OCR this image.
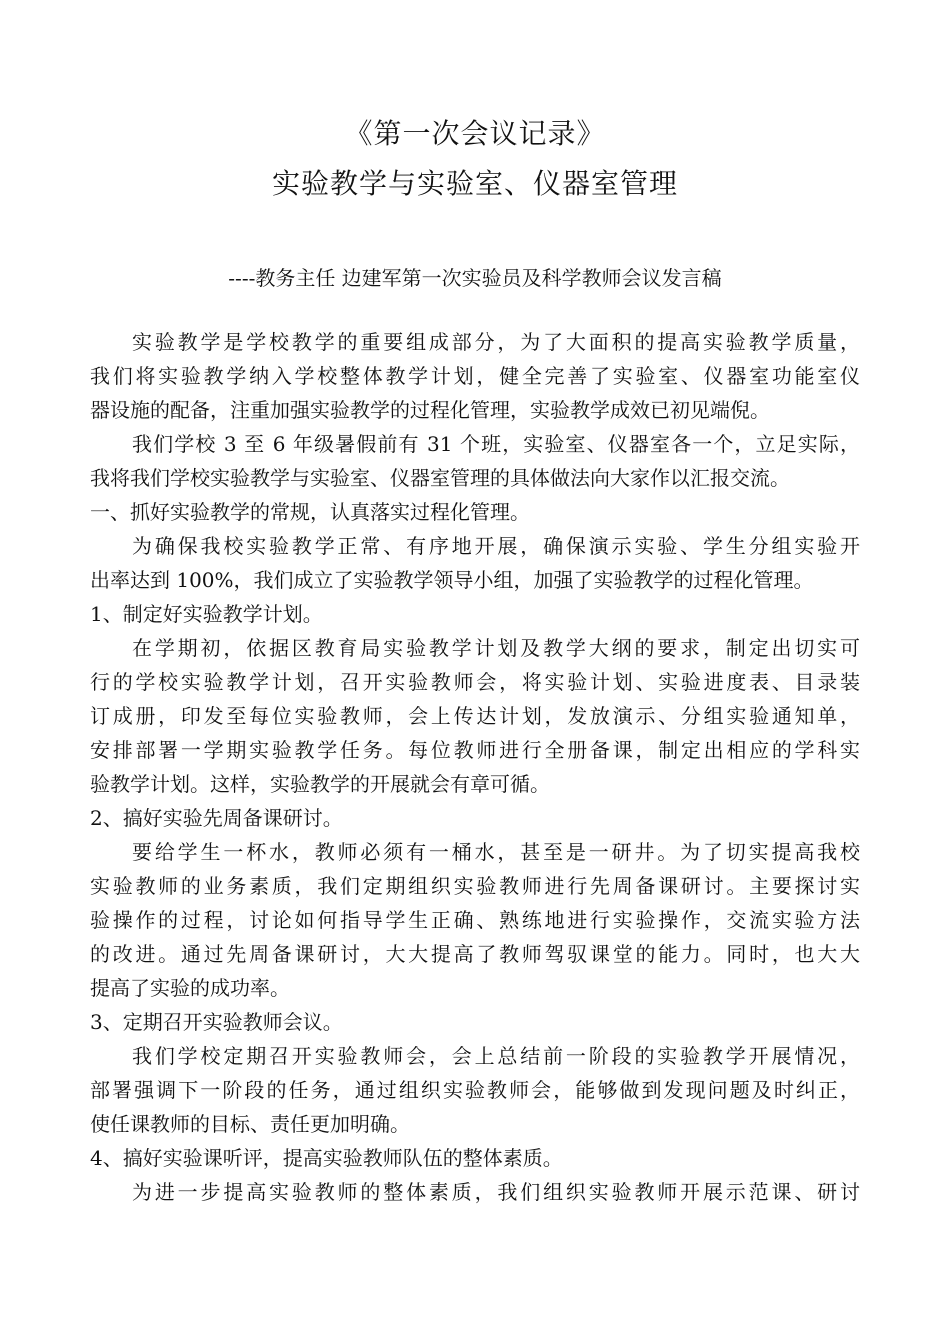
《第一次会议记录》
实验教学与实验室、仪器室管理
----教务主任 边建军第一次实验员及科学教师会议发言稿
实验教学是学校教学的重要组成部分，为了大面积的提高实验教学质量，
我们将实验教学纳入学校整体教学计划，健全完善了实验室、仪器室功能室仪
器设施的配备，注重加强实验教学的过程化管理，实验教学成效已初见端倪。
我们学校 3 至 6 年级暑假前有 31 个班，实验室、仪器室各一个，立足实际，
我将我们学校实验教学与实验室、仪器室管理的具体做法向大家作以汇报交流。
一、抓好实验教学的常规，认真落实过程化管理。
为确保我校实验教学正常、有序地开展，确保演示实验、学生分组实验开
出率达到 100%，我们成立了实验教学领导小组，加强了实验教学的过程化管理。
1、制定好实验教学计划。
在学期初，依据区教育局实验教学计划及教学大纲的要求，制定出切实可
行的学校实验教学计划，召开实验教师会，将实验计划、实验进度表、目录装
订成册，印发至每位实验教师，会上传达计划，发放演示、分组实验通知单，
安排部署一学期实验教学任务。每位教师进行全册备课，制定出相应的学科实
验教学计划。这样，实验教学的开展就会有章可循。
2、搞好实验先周备课研讨。
要给学生一杯水，教师必须有一桶水，甚至是一研井。为了切实提高我校
实验教师的业务素质，我们定期组织实验教师进行先周备课研讨。主要探讨实
验操作的过程，讨论如何指导学生正确、熟练地进行实验操作，交流实验方法
的改进。通过先周备课研讨，大大提高了教师驾驭课堂的能力。同时，也大大
提高了实验的成功率。
3、定期召开实验教师会议。
我们学校定期召开实验教师会，会上总结前一阶段的实验教学开展情况，
部署强调下一阶段的任务，通过组织实验教师会，能够做到发现问题及时纠正，
使任课教师的目标、责任更加明确。
4、搞好实验课听评，提高实验教师队伍的整体素质。
为进一步提高实验教师的整体素质，我们组织实验教师开展示范课、研讨
